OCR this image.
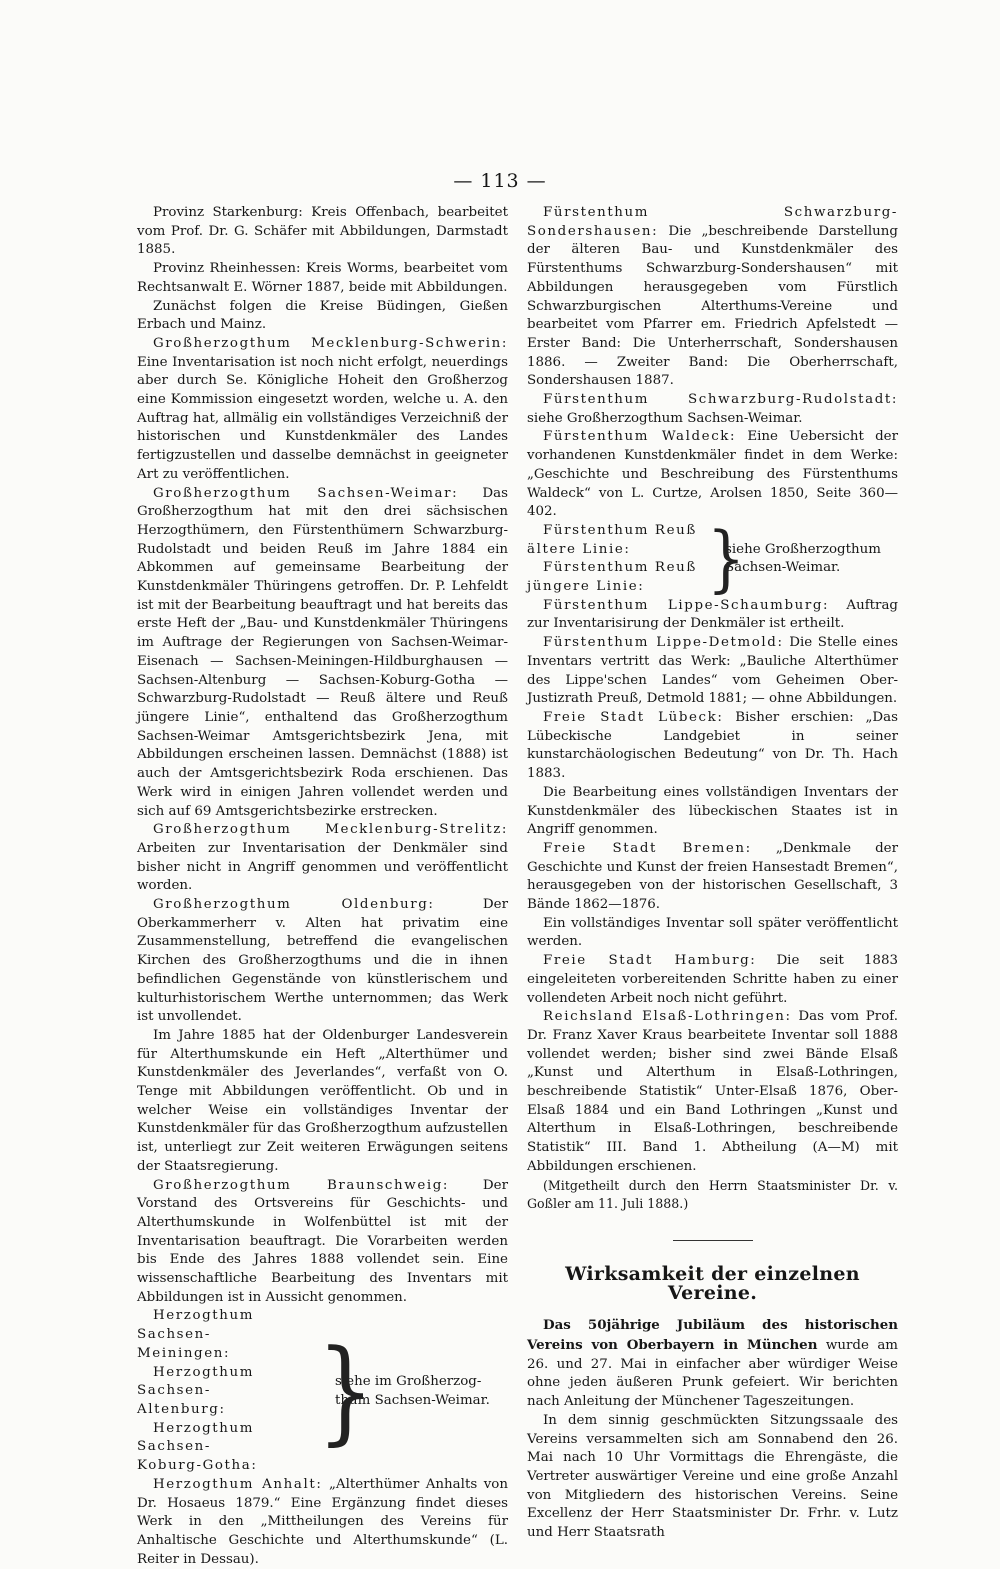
— 113 —

Provinz Starkenburg: Kreis Offenbach, bearbeitet vom Prof. Dr. G. Schäfer mit Abbildungen, Darmstadt 1885.

Provinz Rheinhessen: Kreis Worms, bearbeitet vom Rechtsanwalt E. Wörner 1887, beide mit Abbildungen.

Zunächst folgen die Kreise Büdingen, Gießen Erbach und Mainz.

Großherzogthum Mecklenburg-Schwerin: Eine Inventarisation ist noch nicht erfolgt, neuerdings aber durch Se. Königliche Hoheit den Großherzog eine Kommission eingesetzt worden, welche u. A. den Auftrag hat, allmälig ein vollständiges Verzeichniß der historischen und Kunstdenkmäler des Landes fertigzustellen und dasselbe demnächst in geeigneter Art zu veröffentlichen.

Großherzogthum Sachsen-Weimar: Das Großherzogthum hat mit den drei sächsischen Herzogthümern, den Fürstenthümern Schwarzburg-Rudolstadt und beiden Reuß im Jahre 1884 ein Abkommen auf gemeinsame Bearbeitung der Kunstdenkmäler Thüringens getroffen. Dr. P. Lehfeldt ist mit der Bearbeitung beauftragt und hat bereits das erste Heft der „Bau- und Kunstdenkmäler Thüringens im Auftrage der Regierungen von Sachsen-Weimar-Eisenach — Sachsen-Meiningen-Hildburghausen — Sachsen-Altenburg — Sachsen-Koburg-Gotha — Schwarzburg-Rudolstadt — Reuß ältere und Reuß jüngere Linie“, enthaltend das Großherzogthum Sachsen-Weimar Amtsgerichtsbezirk Jena, mit Abbildungen erscheinen lassen. Demnächst (1888) ist auch der Amtsgerichtsbezirk Roda erschienen. Das Werk wird in einigen Jahren vollendet werden und sich auf 69 Amtsgerichtsbezirke erstrecken.

Großherzogthum Mecklenburg-Strelitz: Arbeiten zur Inventarisation der Denkmäler sind bisher nicht in Angriff genommen und veröffentlicht worden.

Großherzogthum Oldenburg: Der Oberkammerherr v. Alten hat privatim eine Zusammenstellung, betreffend die evangelischen Kirchen des Großherzogthums und die in ihnen befindlichen Gegenstände von künstlerischem und kulturhistorischem Werthe unternommen; das Werk ist unvollendet.

Im Jahre 1885 hat der Oldenburger Landesverein für Alterthumskunde ein Heft „Alterthümer und Kunstdenkmäler des Jeverlandes“, verfaßt von O. Tenge mit Abbildungen veröffentlicht. Ob und in welcher Weise ein vollständiges Inventar der Kunstdenkmäler für das Großherzogthum aufzustellen ist, unterliegt zur Zeit weiteren Erwägungen seitens der Staatsregierung.

Großherzogthum Braunschweig: Der Vorstand des Ortsvereins für Geschichts- und Alterthumskunde in Wolfenbüttel ist mit der Inventarisation beauftragt. Die Vorarbeiten werden bis Ende des Jahres 1888 vollendet sein. Eine wissenschaftliche Bearbeitung des Inventars mit Abbildungen ist in Aussicht genommen.

Herzogthum Sachsen-
Meiningen:
Herzogthum Sachsen-
Altenburg:
Herzogthum Sachsen-
Koburg-Gotha:
}
siehe im Großherzog-
thum Sachsen-Weimar.

Herzogthum Anhalt: „Alterthümer Anhalts von Dr. Hosaeus 1879.“ Eine Ergänzung findet dieses Werk in den „Mittheilungen des Vereins für Anhaltische Geschichte und Alterthumskunde“ (L. Reiter in Dessau).

Fürstenthum Schwarzburg-Sondershausen: Die „beschreibende Darstellung der älteren Bau- und Kunstdenkmäler des Fürstenthums Schwarzburg-Sondershausen“ mit Abbildungen herausgegeben vom Fürstlich Schwarzburgischen Alterthums-Vereine und bearbeitet vom Pfarrer em. Friedrich Apfelstedt — Erster Band: Die Unterherrschaft, Sondershausen 1886. — Zweiter Band: Die Oberherrschaft, Sondershausen 1887.

Fürstenthum Schwarzburg-Rudolstadt: siehe Großherzogthum Sachsen-Weimar.

Fürstenthum Waldeck: Eine Uebersicht der vorhandenen Kunstdenkmäler findet in dem Werke: „Geschichte und Beschreibung des Fürstenthums Waldeck“ von L. Curtze, Arolsen 1850, Seite 360—402.

Fürstenthum Reuß
ältere Linie:
Fürstenthum Reuß
jüngere Linie:	}
siehe Großherzogthum
Sachsen-Weimar.

Fürstenthum Lippe-Schaumburg: Auftrag zur Inventarisirung der Denkmäler ist ertheilt.

Fürstenthum Lippe-Detmold: Die Stelle eines Inventars vertritt das Werk: „Bauliche Alterthümer des Lippe'schen Landes“ vom Geheimen Ober-Justizrath Preuß, Detmold 1881; — ohne Abbildungen.

Freie Stadt Lübeck: Bisher erschien: „Das Lübeckische Landgebiet in seiner kunstarchäologischen Bedeutung“ von Dr. Th. Hach 1883.

Die Bearbeitung eines vollständigen Inventars der Kunstdenkmäler des lübeckischen Staates ist in Angriff genommen.

Freie Stadt Bremen: „Denkmale der Geschichte und Kunst der freien Hansestadt Bremen“, herausgegeben von der historischen Gesellschaft, 3 Bände 1862—1876.

Ein vollständiges Inventar soll später veröffentlicht werden.

Freie Stadt Hamburg: Die seit 1883 eingeleiteten vorbereitenden Schritte haben zu einer vollendeten Arbeit noch nicht geführt.

Reichsland Elsaß-Lothringen: Das vom Prof. Dr. Franz Xaver Kraus bearbeitete Inventar soll 1888 vollendet werden; bisher sind zwei Bände Elsaß „Kunst und Alterthum in Elsaß-Lothringen, beschreibende Statistik“ Unter-Elsaß 1876, Ober-Elsaß 1884 und ein Band Lothringen „Kunst und Alterthum in Elsaß-Lothringen, beschreibende Statistik“ III. Band 1. Abtheilung (A—M) mit Abbildungen erschienen.

(Mitgetheilt durch den Herrn Staatsminister Dr. v. Goßler am 11. Juli 1888.)

Wirksamkeit der einzelnen Vereine.

Das 50jährige Jubiläum des historischen Vereins von Oberbayern in München wurde am 26. und 27. Mai in einfacher aber würdiger Weise ohne jeden äußeren Prunk gefeiert. Wir berichten nach Anleitung der Münchener Tageszeitungen.

In dem sinnig geschmückten Sitzungssaale des Vereins versammelten sich am Sonnabend den 26. Mai nach 10 Uhr Vormittags die Ehrengäste, die Vertreter auswärtiger Vereine und eine große Anzahl von Mitgliedern des historischen Vereins. Seine Excellenz der Herr Staatsminister Dr. Frhr. v. Lutz und Herr Staatsrath
